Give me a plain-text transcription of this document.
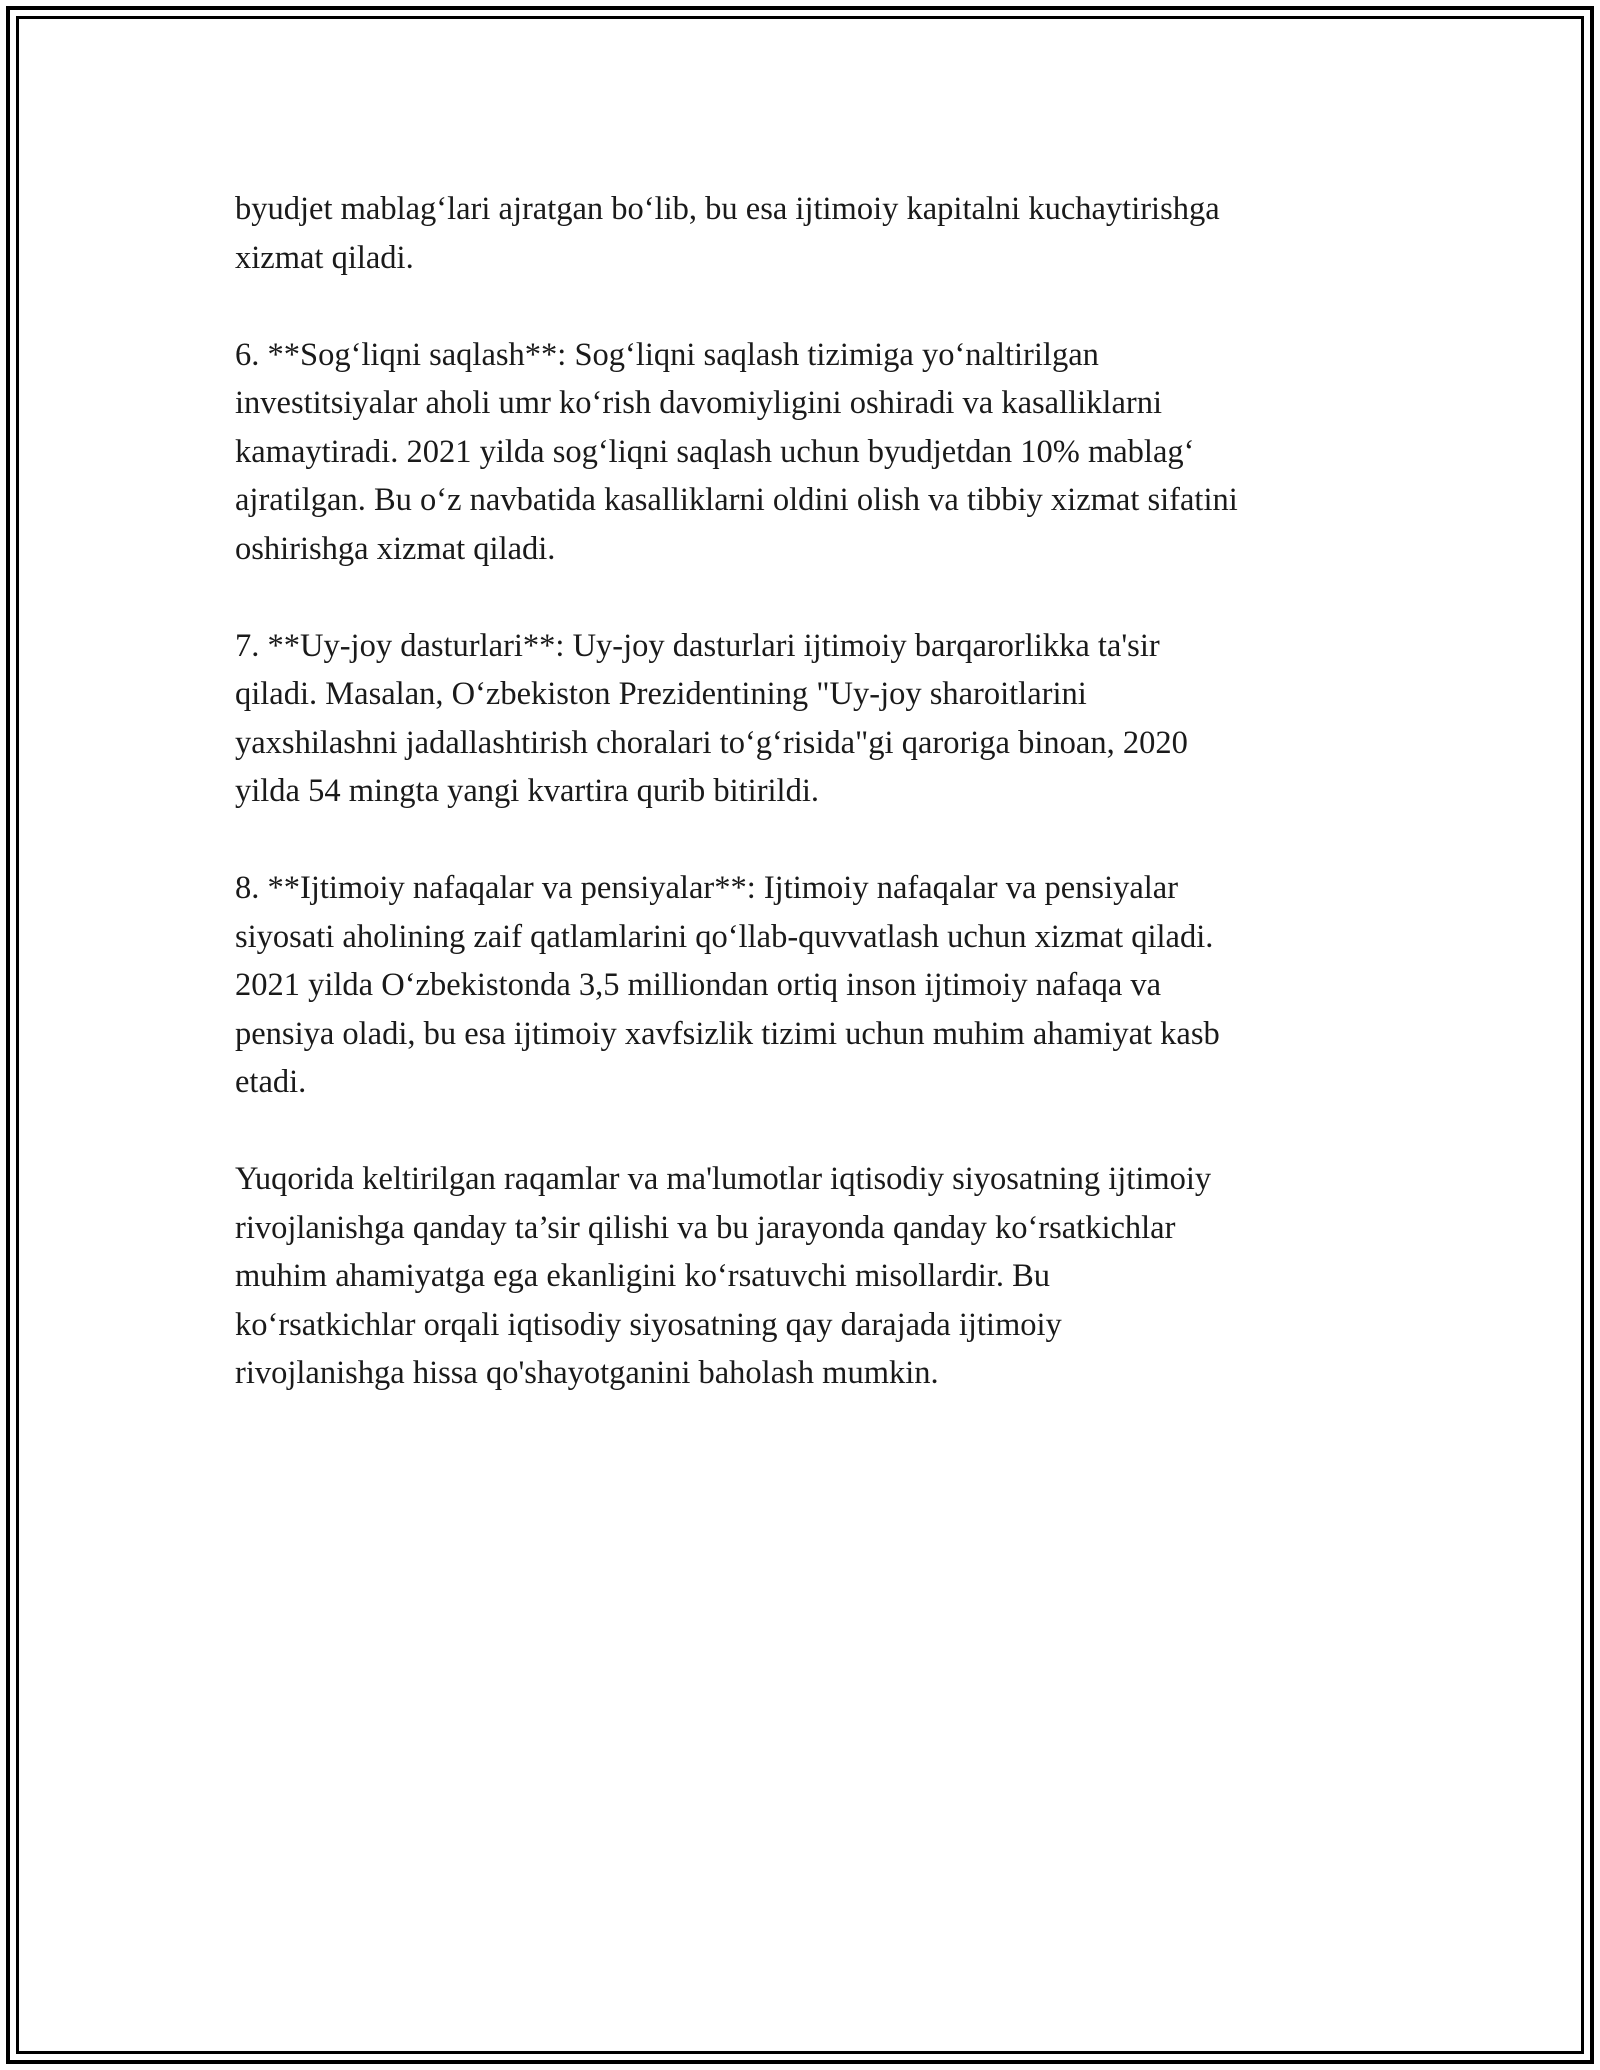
byudjet mablag‘lari ajratgan bo‘lib, bu esa ijtimoiy kapitalni kuchaytirishga
xizmat qiladi.

6. **Sog‘liqni saqlash**: Sog‘liqni saqlash tizimiga yo‘naltirilgan
investitsiyalar aholi umr ko‘rish davomiyligini oshiradi va kasalliklarni
kamaytiradi. 2021 yilda sog‘liqni saqlash uchun byudjetdan 10% mablag‘
ajratilgan. Bu o‘z navbatida kasalliklarni oldini olish va tibbiy xizmat sifatini
oshirishga xizmat qiladi.

7. **Uy-joy dasturlari**: Uy-joy dasturlari ijtimoiy barqarorlikka ta'sir
qiladi. Masalan, O‘zbekiston Prezidentining "Uy-joy sharoitlarini
yaxshilashni jadallashtirish choralari to‘g‘risida"gi qaroriga binoan, 2020
yilda 54 mingta yangi kvartira qurib bitirildi.

8. **Ijtimoiy nafaqalar va pensiyalar**: Ijtimoiy nafaqalar va pensiyalar
siyosati aholining zaif qatlamlarini qo‘llab-quvvatlash uchun xizmat qiladi.
2021 yilda O‘zbekistonda 3,5 milliondan ortiq inson ijtimoiy nafaqa va
pensiya oladi, bu esa ijtimoiy xavfsizlik tizimi uchun muhim ahamiyat kasb
etadi.

Yuqorida keltirilgan raqamlar va ma'lumotlar iqtisodiy siyosatning ijtimoiy
rivojlanishga qanday ta’sir qilishi va bu jarayonda qanday ko‘rsatkichlar
muhim ahamiyatga ega ekanligini ko‘rsatuvchi misollardir. Bu
ko‘rsatkichlar orqali iqtisodiy siyosatning qay darajada ijtimoiy
rivojlanishga hissa qo'shayotganini baholash mumkin.
